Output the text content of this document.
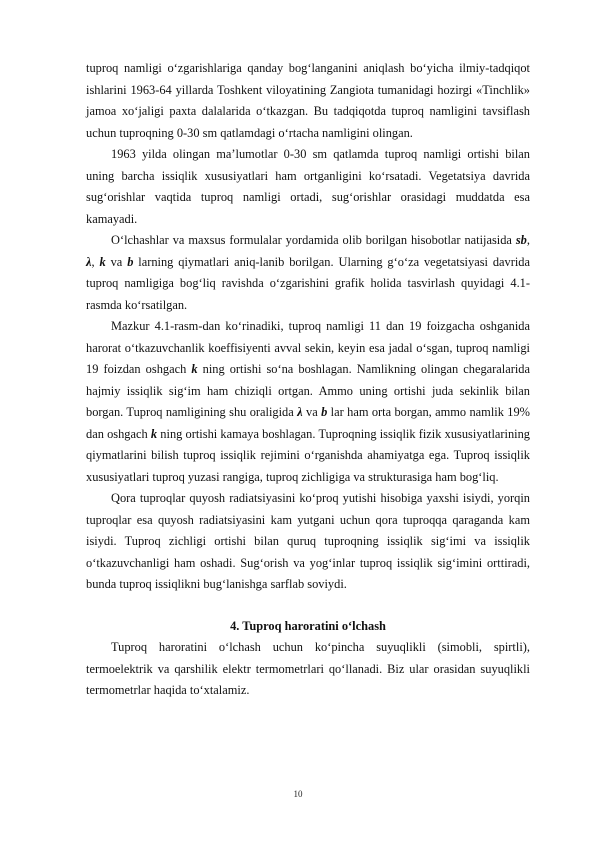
tuproq namligi o‘zgarishlariga qanday bog‘langanini aniqlash bo‘yicha ilmiy-tadqiqot ishlarini 1963-64 yillarda Toshkent viloyatining Zangiota tumanidagi hozirgi «Tinchlik» jamoa xo‘jaligi paxta dalalarida o‘tkazgan. Bu tadqiqotda tuproq namligini tavsiflash uchun tuproqning 0-30 sm qatlamdagi o‘rtacha namligini olingan.

1963 yilda olingan ma’lumotlar 0-30 sm qatlamda tuproq namligi ortishi bilan uning barcha issiqlik xususiyatlari ham ortganligini ko‘rsatadi. Vegetatsiya davrida sug‘orishlar vaqtida tuproq namligi ortadi, sug‘orishlar orasidagi muddatda esa kamayadi.

O‘lchashlar va maxsus formulalar yordamida olib borilgan hisobotlar natijasida sb, λ, k va b larning qiymatlari aniq-lanib borilgan. Ularning g‘o‘za vegetatsiyasi davrida tuproq namligiga bog‘liq ravishda o‘zgarishini grafik holida tasvirlash quyidagi 4.1-rasmda ko‘rsatilgan.

Mazkur 4.1-rasm-dan ko‘rinadiki, tuproq namligi 11 dan 19 foizgacha oshganida harorat o‘tkazuvchanlik koeffisiyenti avval sekin, keyin esa jadal o‘sgan, tuproq namligi 19 foizdan oshgach k ning ortishi so‘na boshlagan. Namlikning olingan chegaralarida hajmiy issiqlik sig‘im ham chiziqli ortgan. Ammo uning ortishi juda sekinlik bilan borgan. Tuproq namligining shu oraligida λ va b lar ham orta borgan, ammo namlik 19% dan oshgach k ning ortishi kamaya boshlagan. Tuproqning issiqlik fizik xususiyatlarining qiymatlarini bilish tuproq issiqlik rejimini o‘rganishda ahamiyatga ega. Tuproq issiqlik xususiyatlari tuproq yuzasi rangiga, tuproq zichligiga va strukturasiga ham bog‘liq.

Qora tuproqlar quyosh radiatsiyasini ko‘proq yutishi hisobiga yaxshi isiydi, yorqin tuproqlar esa quyosh radiatsiyasini kam yutgani uchun qora tuproqqa qaraganda kam isiydi. Tuproq zichligi ortishi bilan quruq tuproqning issiqlik sig‘imi va issiqlik o‘tkazuvchanligi ham oshadi. Sug‘orish va yog‘inlar tuproq issiqlik sig‘imini orttiradi, bunda tuproq issiqlikni bug‘lanishga sarflab soviydi.

4. Tuproq haroratini o‘lchash

Tuproq haroratini o‘lchash uchun ko‘pincha suyuqlikli (simobli, spirtli), termoelektrik va qarshilik elektr termometrlari qo‘llanadi. Biz ular orasidan suyuqlikli termometrlar haqida to‘xtalamiz.

10
